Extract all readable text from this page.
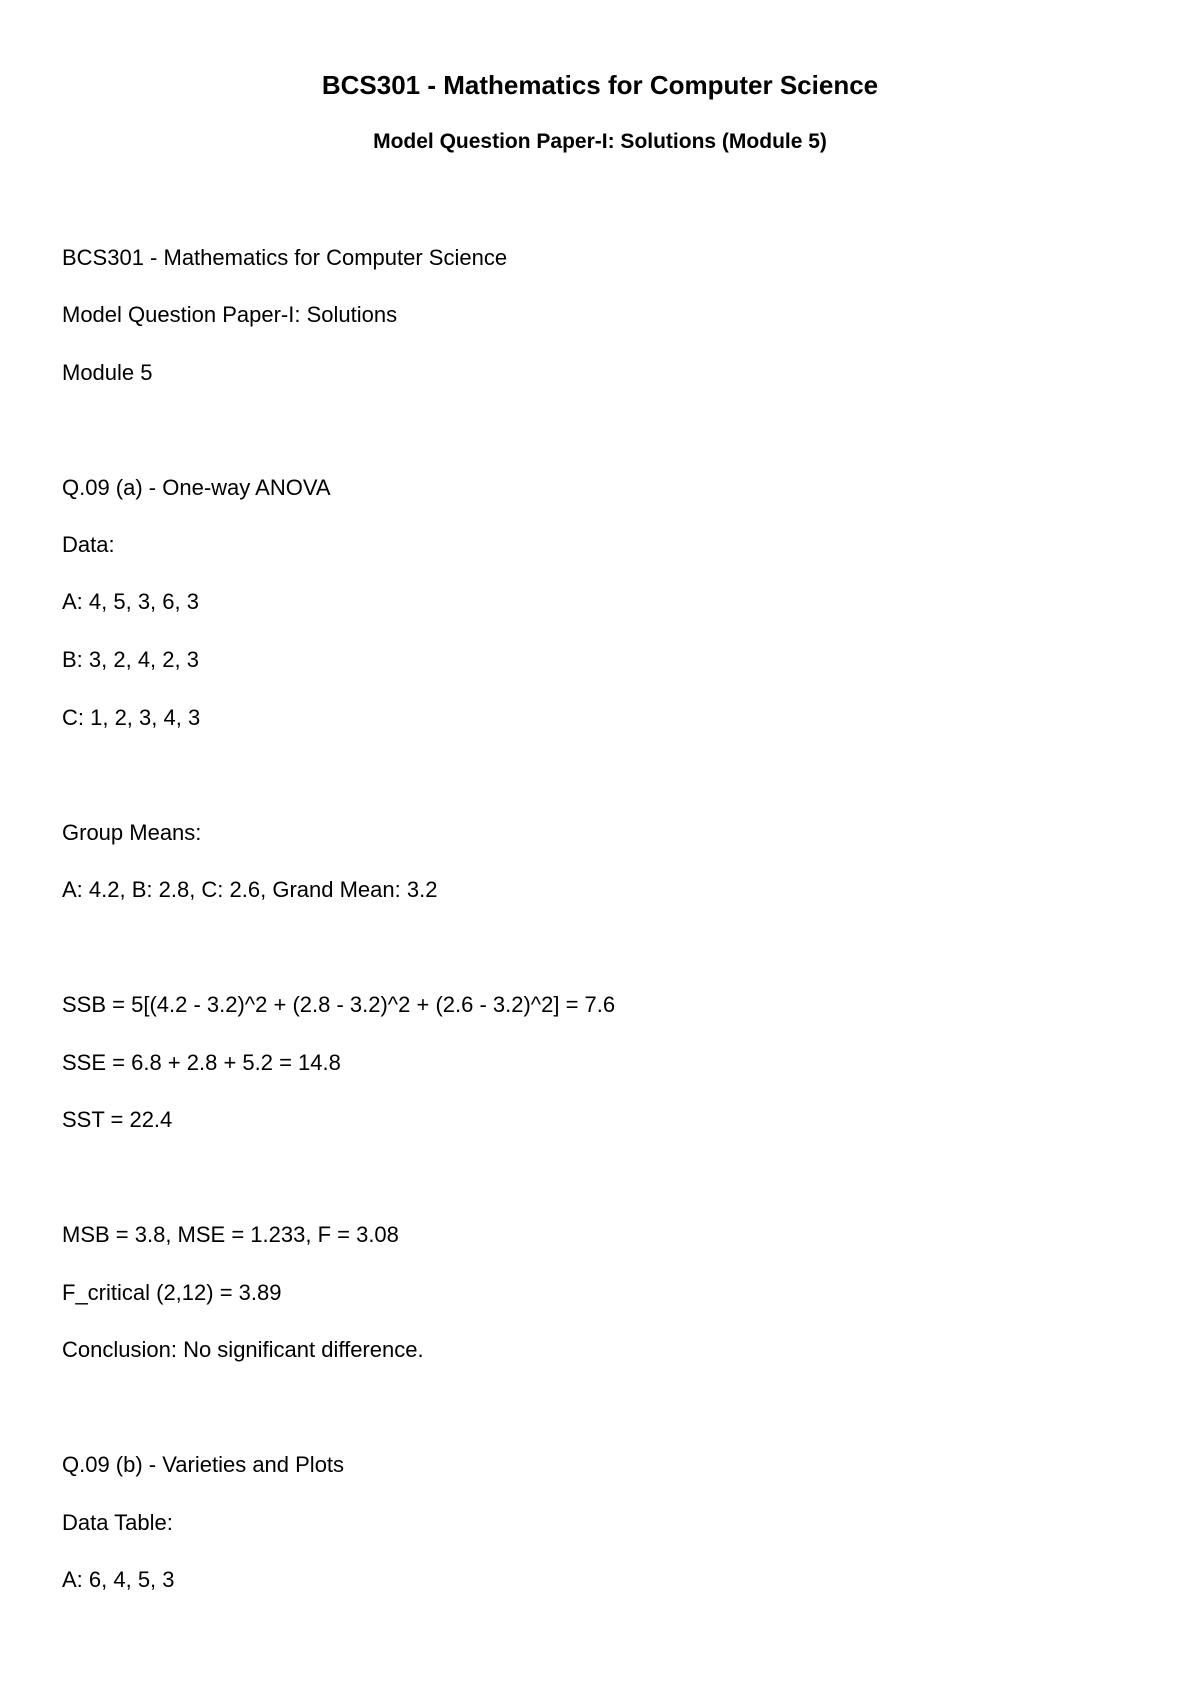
BCS301 - Mathematics for Computer Science
Model Question Paper-I: Solutions (Module 5)

BCS301 - Mathematics for Computer Science

Model Question Paper-I: Solutions

Module 5

Q.09 (a) - One-way ANOVA

Data:

A: 4, 5, 3, 6, 3

B: 3, 2, 4, 2, 3

C: 1, 2, 3, 4, 3

Group Means:

A: 4.2, B: 2.8, C: 2.6, Grand Mean: 3.2

SSB = 5[(4.2 - 3.2)^2 + (2.8 - 3.2)^2 + (2.6 - 3.2)^2] = 7.6

SSE = 6.8 + 2.8 + 5.2 = 14.8

SST = 22.4

MSB = 3.8, MSE = 1.233, F = 3.08

F_critical (2,12) = 3.89

Conclusion: No significant difference.

Q.09 (b) - Varieties and Plots

Data Table:

A: 6, 4, 5, 3
